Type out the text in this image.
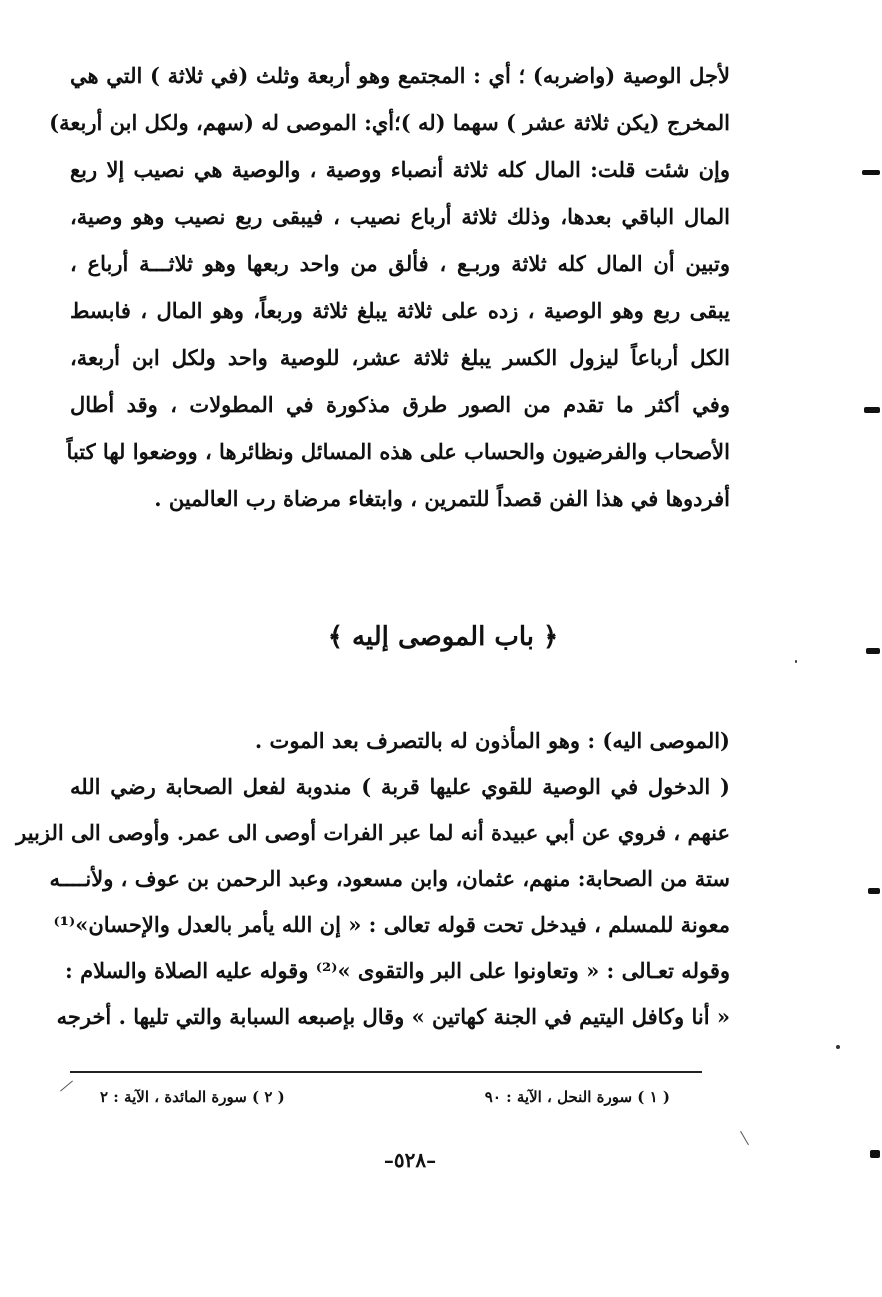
لأجل الوصية (واضربه) ؛ أي : المجتمع وهو أربعة وثلث (في ثلاثة ) التي هي
المخرج (يكن ثلاثة عشر ) سهما (له )؛أي: الموصى له (سهم، ولكل ابن أربعة)
وإن شئت قلت: المال كله ثلاثة أنصباء ووصية ، والوصية هي نصيب إلا ربع
المال الباقي بعدها، وذلك ثلاثة أرباع نصيب ، فيبقى ربع نصيب وهو وصية،
وتبين أن المال كله ثلاثة وربـع ، فألق من واحد ربعها وهو ثلاثـــة أرباع ،
يبقى ربع وهو الوصية ، زده على ثلاثة يبلغ ثلاثة وربعاً، وهو المال ، فابسط
الكل أرباعاً ليزول الكسر يبلغ ثلاثة عشر، للوصية واحد ولكل ابن أربعة،
وفي أكثر ما تقدم من الصور طرق مذكورة في المطولات ، وقد أطال
الأصحاب والفرضيون والحساب على هذه المسائل ونظائرها ، ووضعوا لها كتباً
أفردوها في هذا الفن قصداً للتمرين ، وابتغاء مرضاة رب العالمين .
﴿ باب الموصى إليه ﴾
(الموصى اليه) : وهو المأذون له بالتصرف بعد الموت .
( الدخول في الوصية للقوي عليها قربة ) مندوبة لفعل الصحابة رضي الله
عنهم ، فروي عن أبي عبيدة أنه لما عبر الفرات أوصى الى عمر. وأوصى الى الزبير
ستة من الصحابة: منهم، عثمان، وابن مسعود، وعبد الرحمن بن عوف ، ولأنــــه
معونة للمسلم ، فيدخل تحت قوله تعالى : « إن الله يأمر بالعدل والإحسان»⁽¹⁾
وقوله تعـالى : « وتعاونوا على البر والتقوى »⁽²⁾ وقوله عليه الصلاة والسلام :
« أنا وكافل اليتيم في الجنة كهاتين » وقال بإصبعه السبابة والتي تليها . أخرجه
( ١ ) سورة النحل ، الآية : ٩٠
( ٢ ) سورة المائدة ، الآية : ٢
–٥٢٨–
